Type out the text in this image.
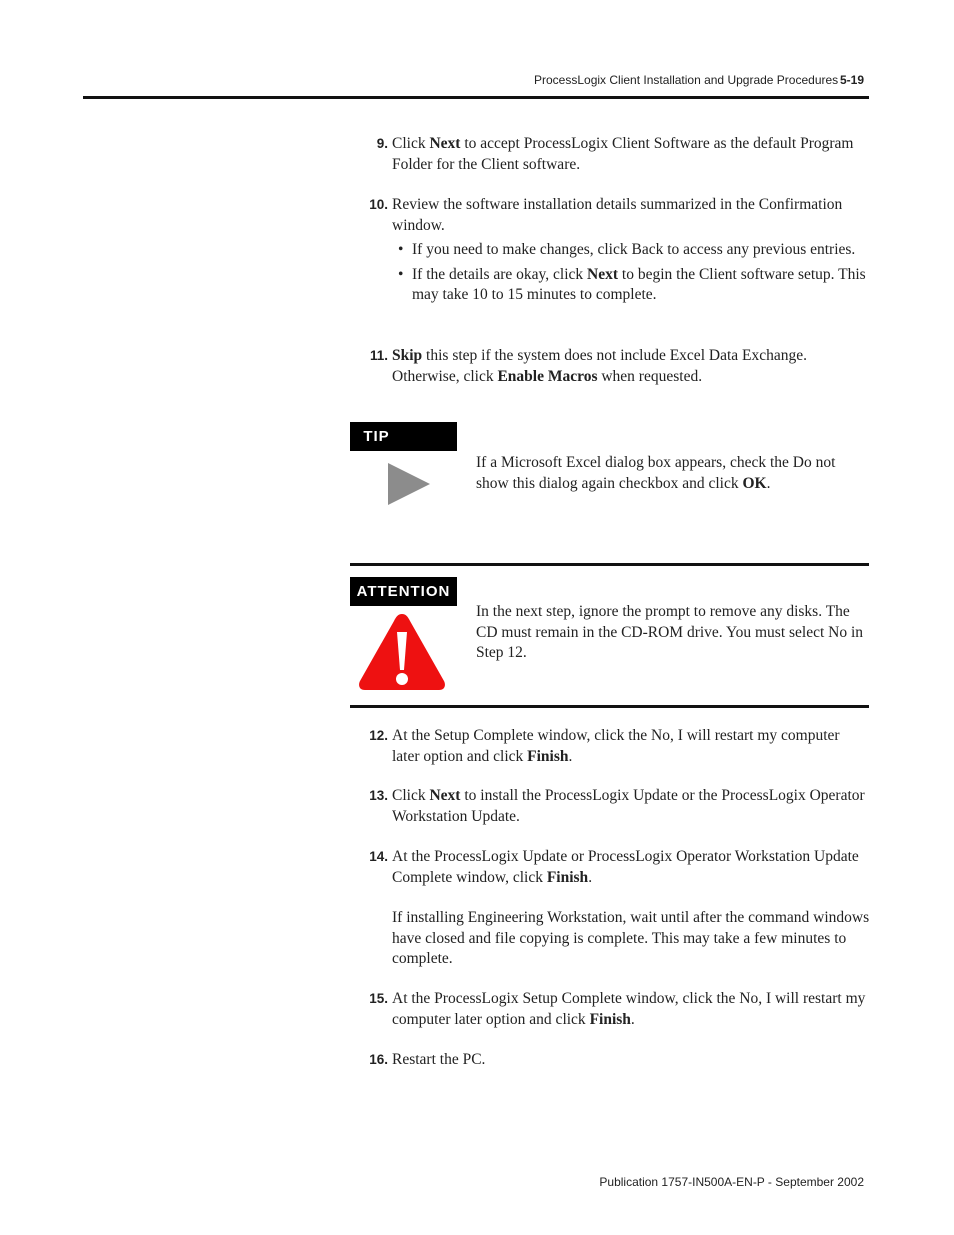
ProcessLogix Client Installation and Upgrade Procedures 5-19
9. Click Next to accept ProcessLogix Client Software as the default Program Folder for the Client software.
10. Review the software installation details summarized in the Confirmation window.
• If you need to make changes, click Back to access any previous entries.
• If the details are okay, click Next to begin the Client software setup. This may take 10 to 15 minutes to complete.
11. Skip this step if the system does not include Excel Data Exchange. Otherwise, click Enable Macros when requested.
TIP
If a Microsoft Excel dialog box appears, check the Do not show this dialog again checkbox and click OK.
ATTENTION
In the next step, ignore the prompt to remove any disks. The CD must remain in the CD-ROM drive. You must select No in Step 12.
12. At the Setup Complete window, click the No, I will restart my computer later option and click Finish.
13. Click Next to install the ProcessLogix Update or the ProcessLogix Operator Workstation Update.
14. At the ProcessLogix Update or ProcessLogix Operator Workstation Update Complete window, click Finish.
If installing Engineering Workstation, wait until after the command windows have closed and file copying is complete. This may take a few minutes to complete.
15. At the ProcessLogix Setup Complete window, click the No, I will restart my computer later option and click Finish.
16. Restart the PC.
Publication 1757-IN500A-EN-P - September 2002
